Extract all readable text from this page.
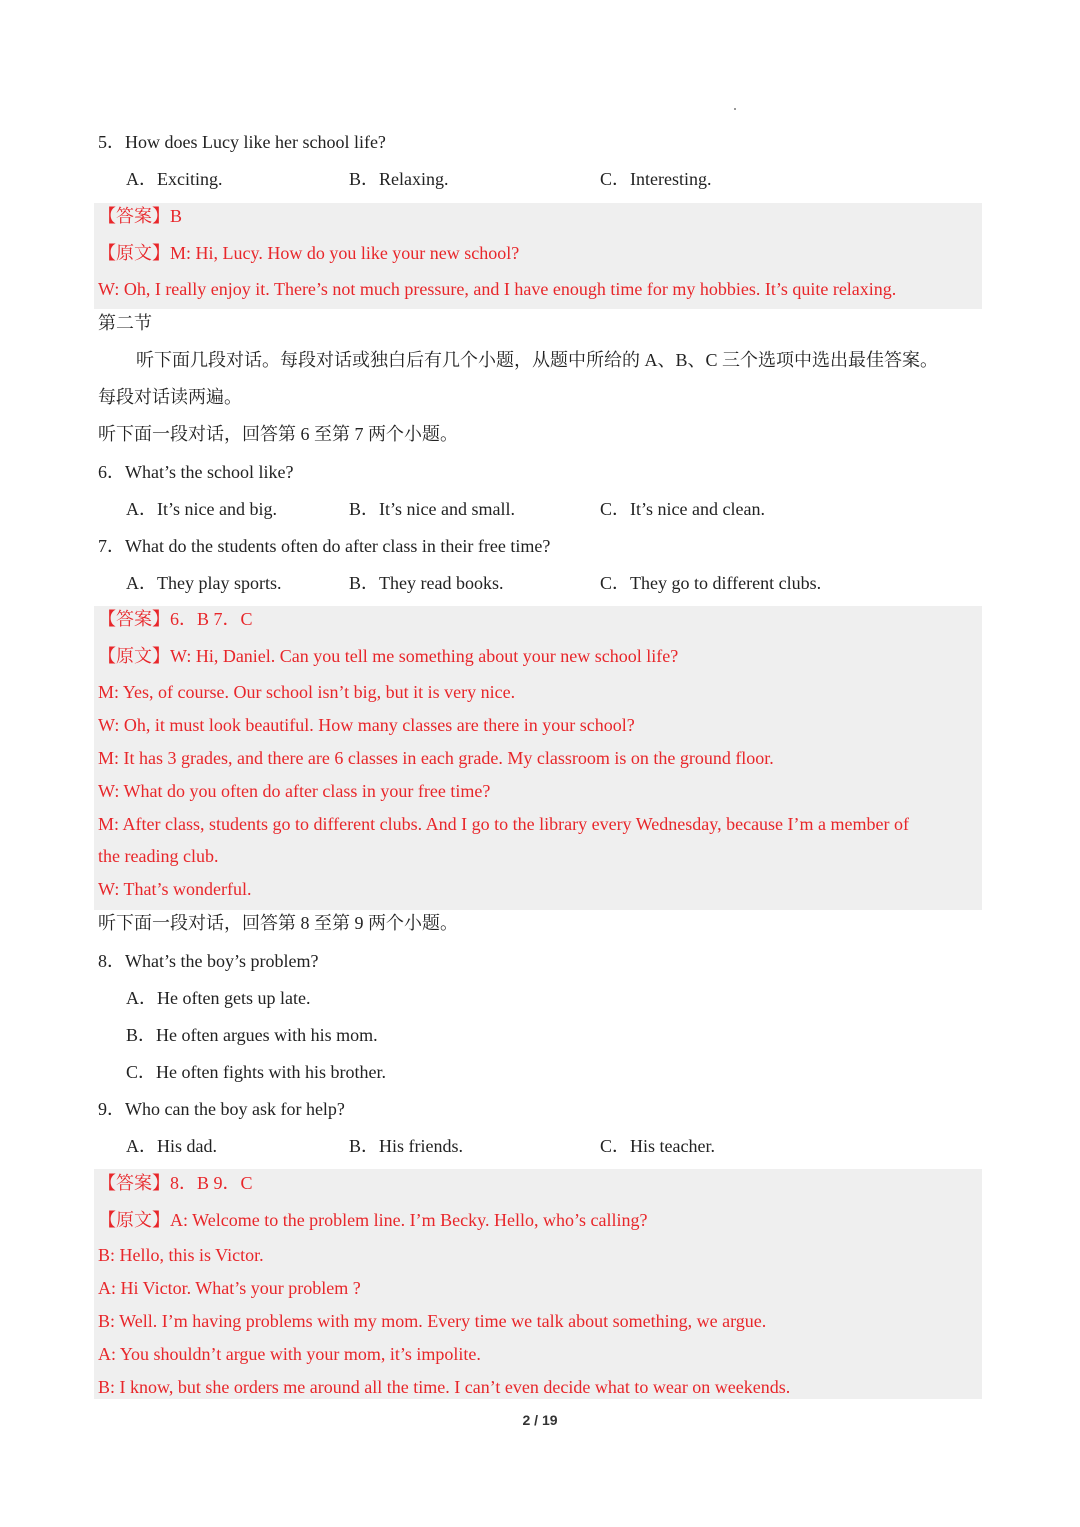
5．How does Lucy like her school life?
A．Exciting.	B．Relaxing.	C．Interesting.
【答案】B
【原文】M: Hi, Lucy. How do you like your new school?
W: Oh, I really enjoy it. There’s not much pressure, and I have enough time for my hobbies. It’s quite relaxing.
第二节
听下面几段对话。每段对话或独白后有几个小题，从题中所给的 A、B、C 三个选项中选出最佳答案。
每段对话读两遍。
听下面一段对话，回答第 6 至第 7 两个小题。
6．What’s the school like?
A．It’s nice and big.	B．It’s nice and small.	C．It’s nice and clean.
7．What do the students often do after class in their free time?
A．They play sports.	B．They read books.	C．They go to different clubs.
【答案】6．B 7．C
【原文】W: Hi, Daniel. Can you tell me something about your new school life?
M: Yes, of course. Our school isn’t big, but it is very nice.
W: Oh, it must look beautiful. How many classes are there in your school?
M: It has 3 grades, and there are 6 classes in each grade. My classroom is on the ground floor.
W: What do you often do after class in your free time?
M: After class, students go to different clubs. And I go to the library every Wednesday, because I’m a member of
the reading club.
W: That’s wonderful.
听下面一段对话，回答第 8 至第 9 两个小题。
8．What’s the boy’s problem?
A．He often gets up late.
B．He often argues with his mom.
C．He often fights with his brother.
9．Who can the boy ask for help?
A．His dad.	B．His friends.	C．His teacher.
【答案】8．B 9．C
【原文】A: Welcome to the problem line. I’m Becky. Hello, who’s calling?
B: Hello, this is Victor.
A: Hi Victor. What’s your problem ?
B: Well. I’m having problems with my mom. Every time we talk about something, we argue.
A: You shouldn’t argue with your mom, it’s impolite.
B: I know, but she orders me around all the time. I can’t even decide what to wear on weekends.
2 / 19
